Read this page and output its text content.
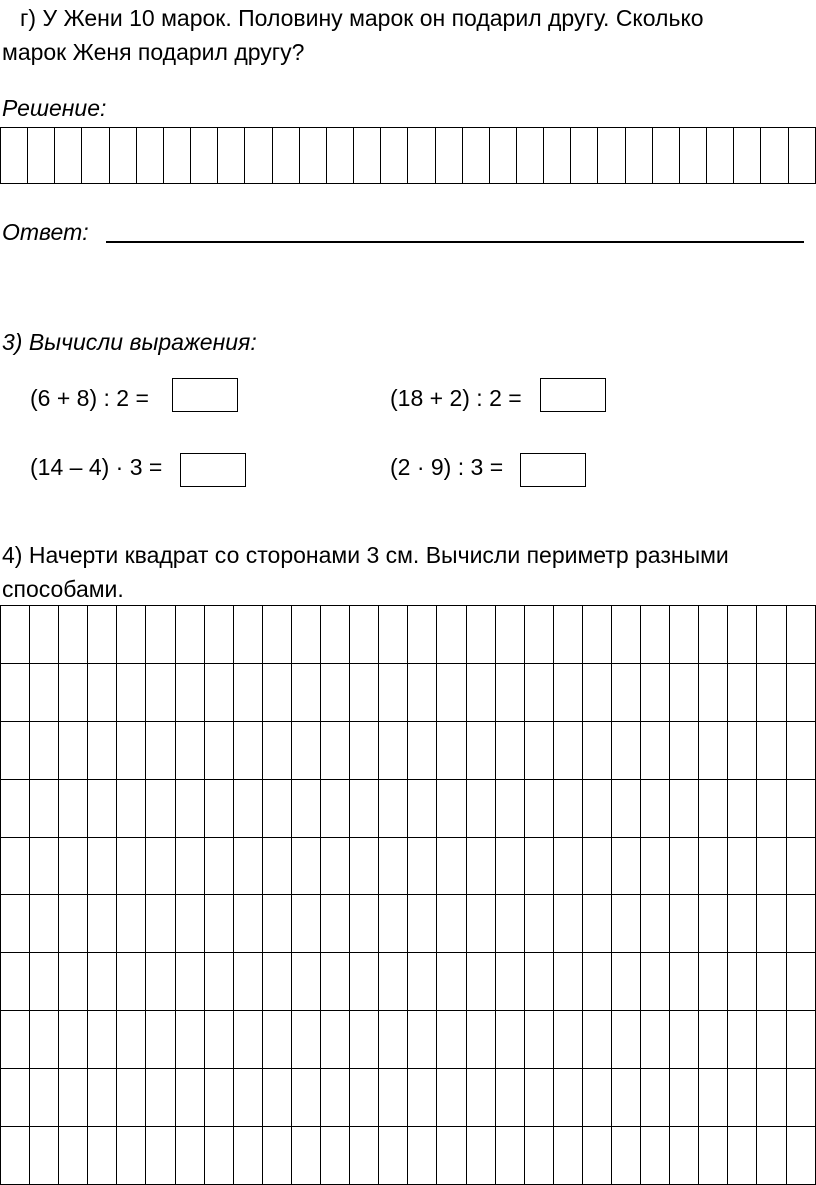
г) У Жени 10 марок. Половину марок он подарил другу. Сколько
марок Женя подарил другу?
Решение:

Ответ:
3) Вычисли выражения:
(6 + 8) : 2 =	(18 + 2) : 2 =
(14 – 4) · 3 =	(2 · 9) : 3 =
4) Начерти квадрат со сторонами 3 см. Вычисли периметр разными
способами.
